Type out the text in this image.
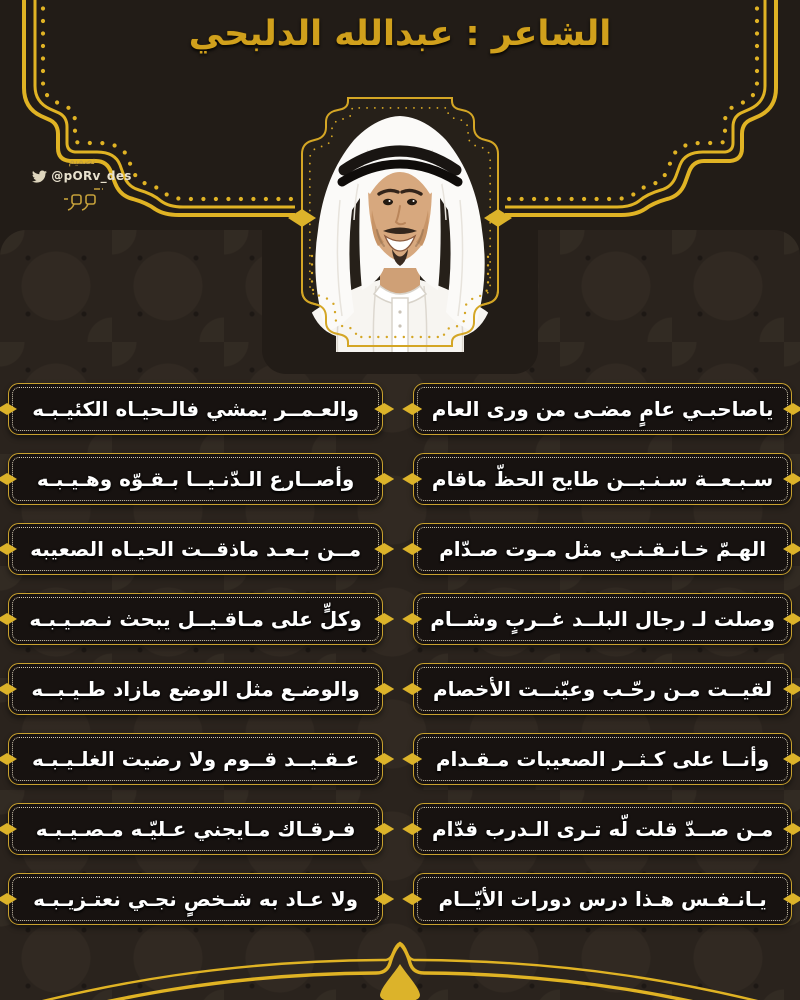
الشاعر : عبدالله الدلبحي
تصميم
@pORv_des
ياصاحبـي عامٍ مضـى من ورى العام
والعـمــر يمشي فالـحيـاه الكئيـبـه
سـبـعــة سـنـيــن طايح الحظّ ماقام
وأصــارع الـدّنـيــا بـقـوّه وهـيـبـه
الهـمّ خـانـقـنـي مثل مـوت صـدّام
مــن بـعـد ماذقــت الحيـاه الصعيبه
وصلت لـ رجال البلــد غــربٍ وشــام
وكلٍّ على مـاقـيــل يبحث نـصـيـبـه
لقيــت مـن رحّـب وعيّنــت الأخصام
والوضـع مثل الوضع مازاد طـيـبــه
وأنــا على كـثــر الصعيبات مـقـدام
عـقـيــد قــوم ولا رضيت الغلـيـبـه
مـن صــدّ قلت لّه تـرى الـدرب قدّام
فـرقـاك مـايجني عـليّـه مـصـيـبـه
يـانـفـس هـذا درس دورات الأيّــام
ولا عـاد به شـخصٍ نجـي نعتـزيـبـه
